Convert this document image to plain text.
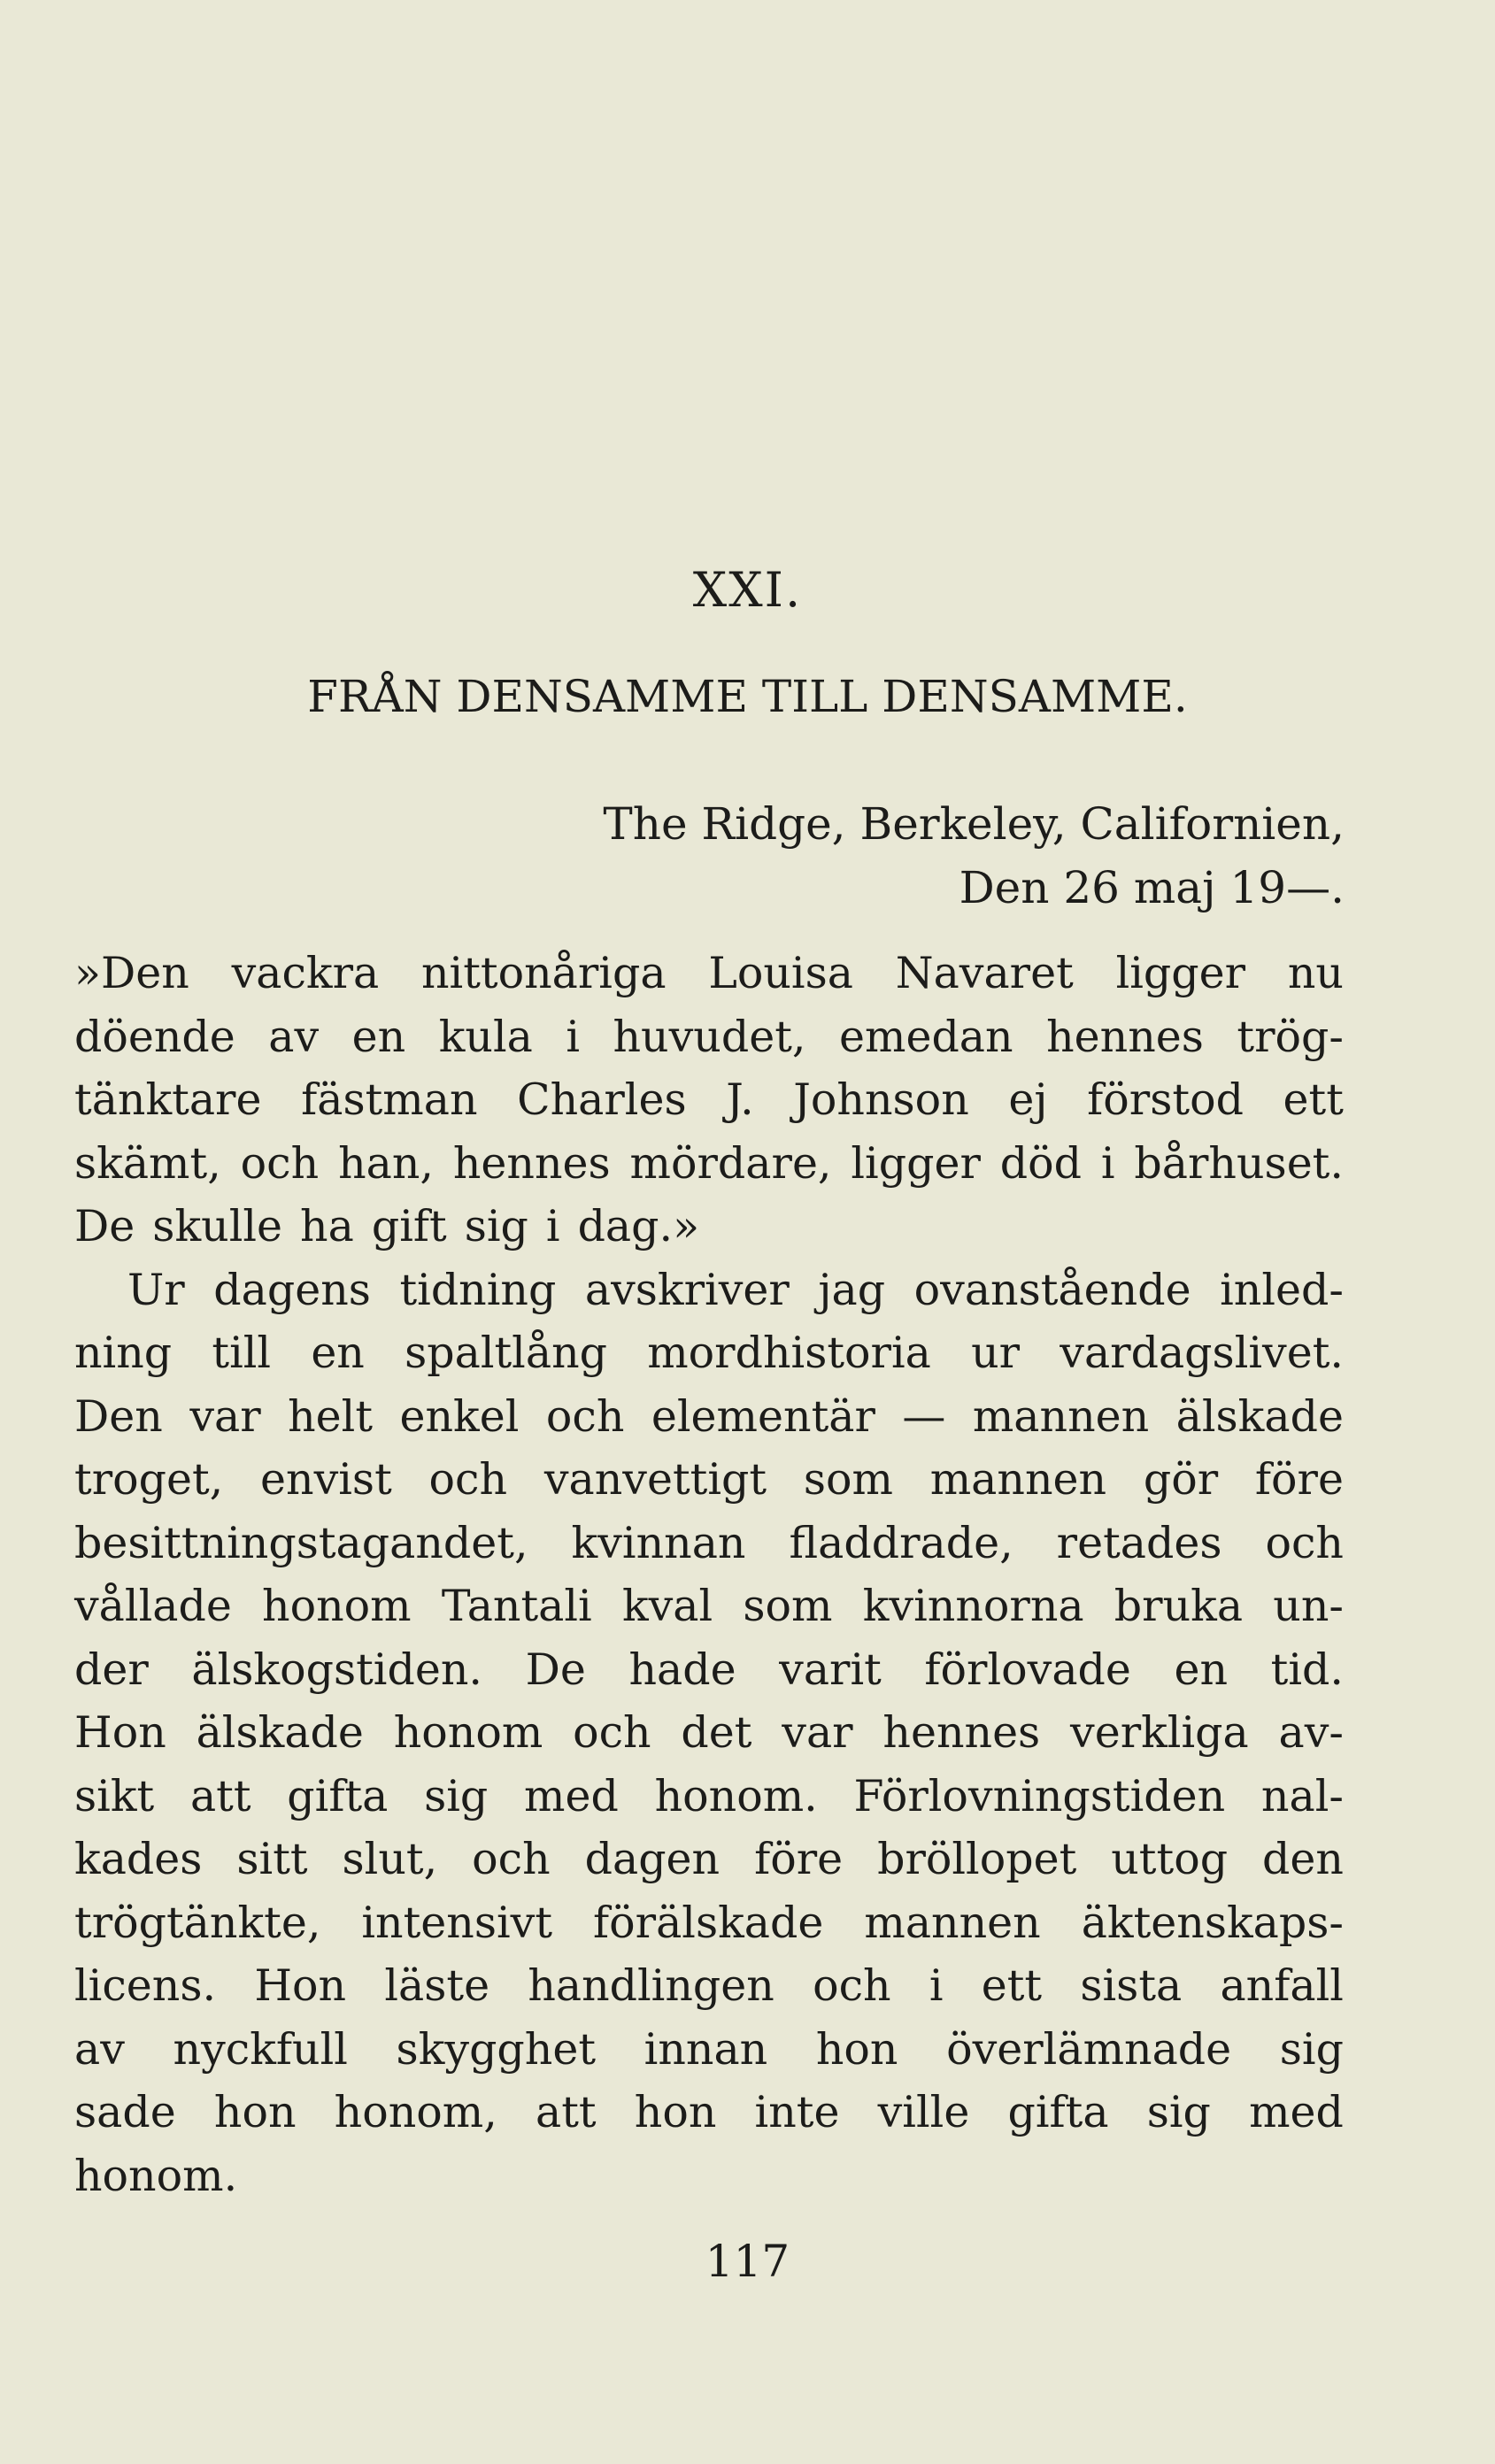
XXI.
FRÅN DENSAMME TILL DENSAMME.
The Ridge, Berkeley, Californien,
Den 26 maj 19—.
»Den vackra nittonåriga Louisa Navaret ligger nu
döende av en kula i huvudet, emedan hennes trög-
tänktare fästman Charles J. Johnson ej förstod ett
skämt, och han, hennes mördare, ligger död i bårhuset.
De skulle ha gift sig i dag.»
Ur dagens tidning avskriver jag ovanstående inled-
ning till en spaltlång mordhistoria ur vardagslivet.
Den var helt enkel och elementär — mannen älskade
troget, envist och vanvettigt som mannen gör före
besittningstagandet, kvinnan fladdrade, retades och
vållade honom Tantali kval som kvinnorna bruka un-
der älskogstiden. De hade varit förlovade en tid.
Hon älskade honom och det var hennes verkliga av-
sikt att gifta sig med honom. Förlovningstiden nal-
kades sitt slut, och dagen före bröllopet uttog den
trögtänkte, intensivt förälskade mannen äktenskaps-
licens. Hon läste handlingen och i ett sista anfall
av nyckfull skygghet innan hon överlämnade sig
sade hon honom, att hon inte ville gifta sig med
honom.
117
